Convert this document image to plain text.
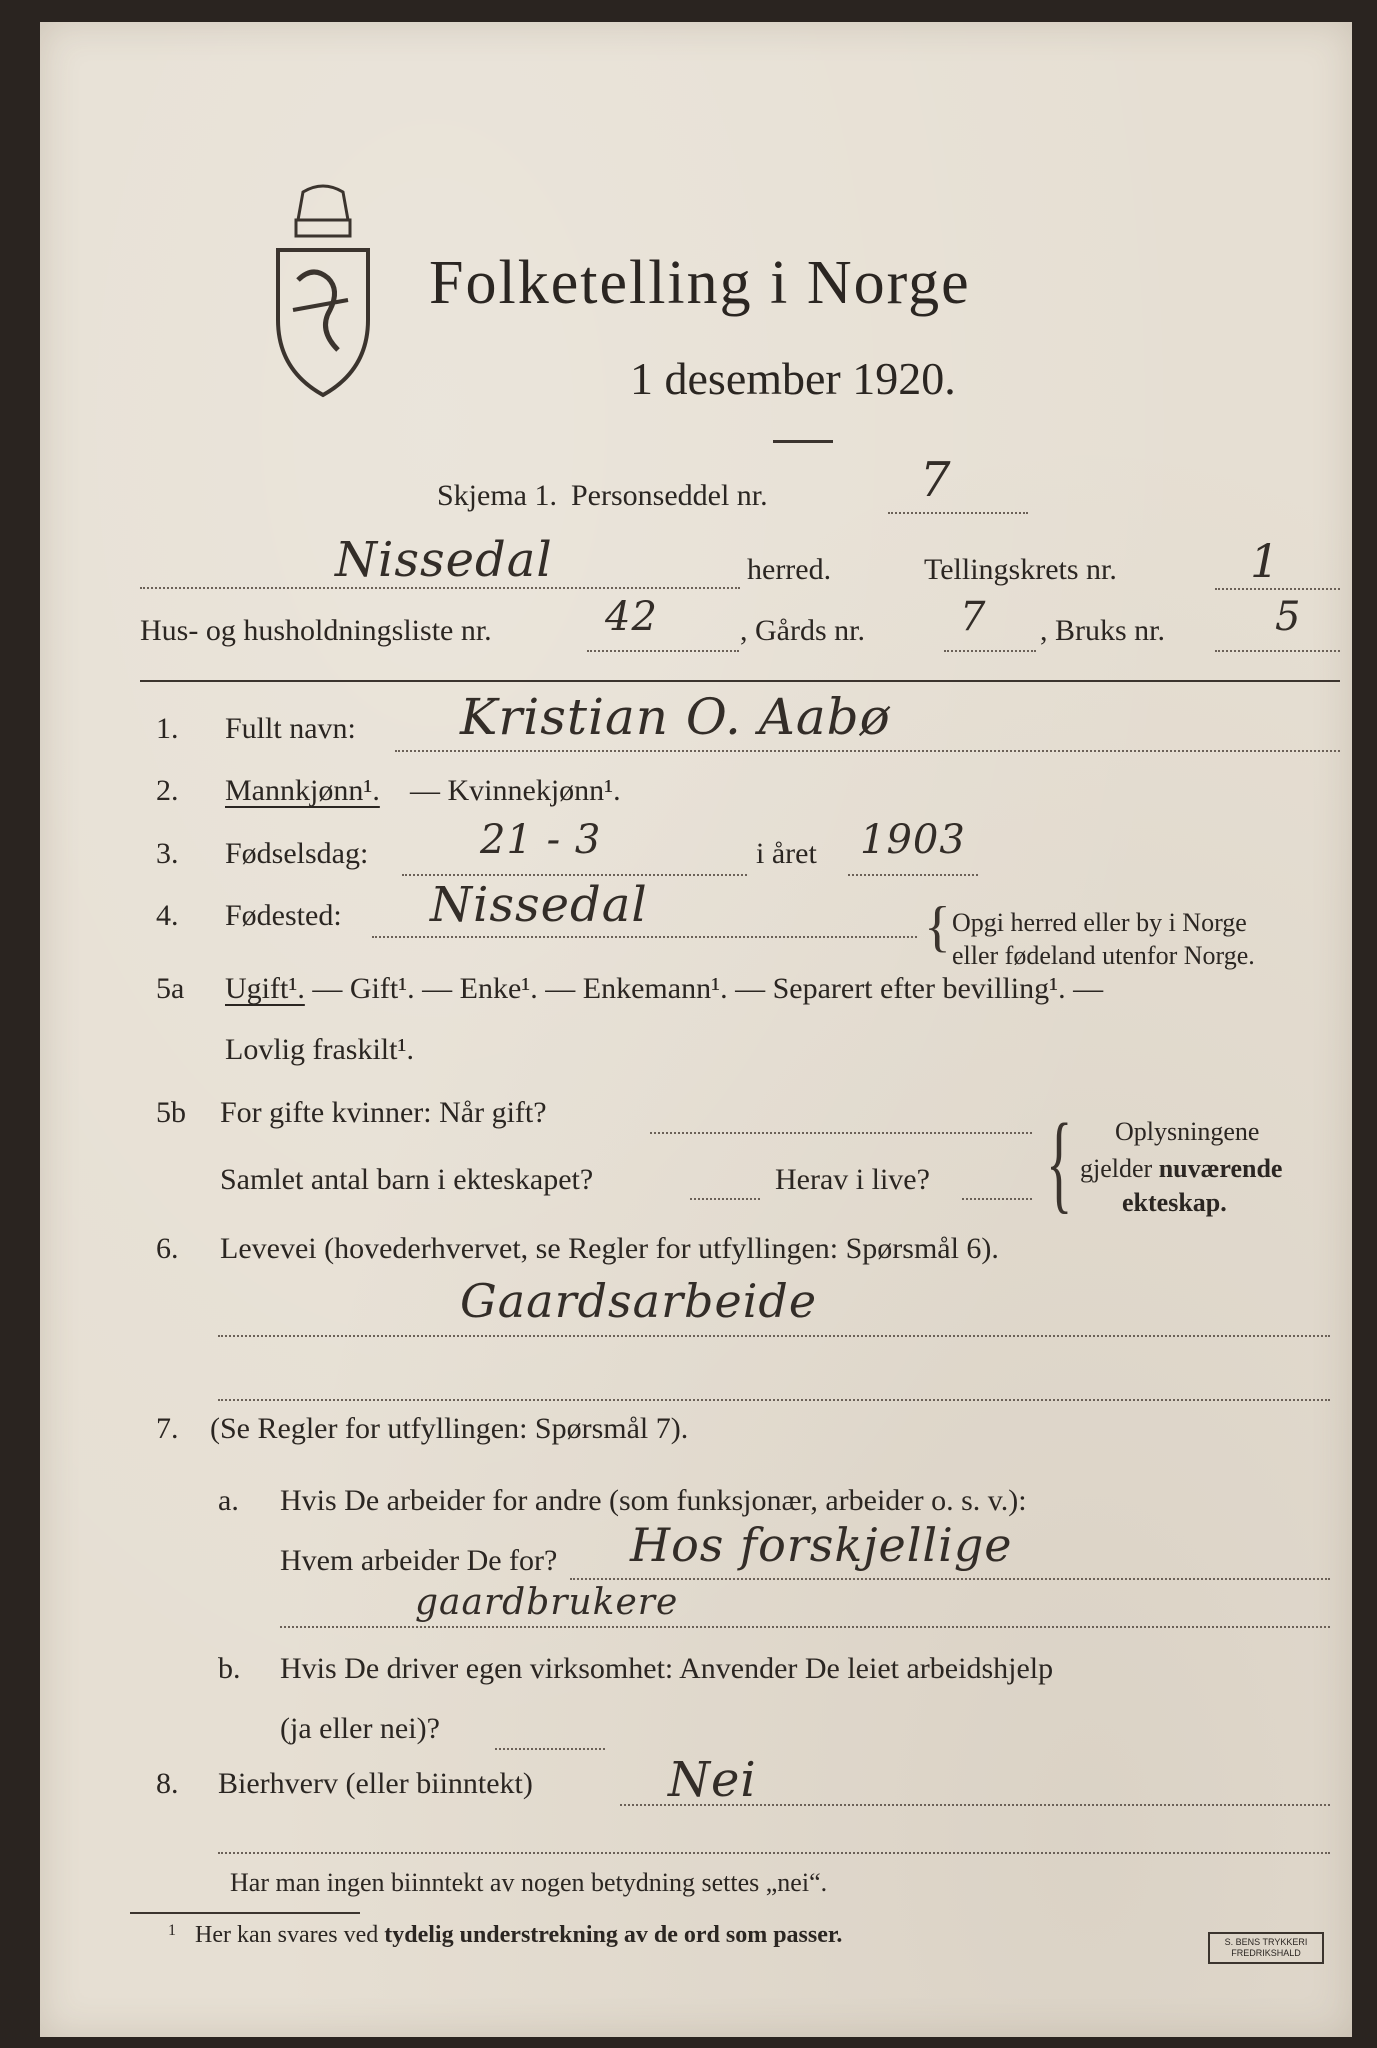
Folketelling i Norge
1 desember 1920.
Skjema 1. Personseddel nr.	7
Nissedal	herred.	Tellingskrets nr.	1
Hus- og husholdningsliste nr.	42	, Gårds nr. 7 , Bruks nr.	5
1. Fullt navn: Kristian O. Aabø
2. Mannkjønn¹. — Kvinnekjønn¹.
3. Fødselsdag:	21 - 3	i året 1903
4. Fødested: Nissedal	{ Opgi herred eller by i Norge
eller fødeland utenfor Norge.
5a Ugift¹. — Gift¹. — Enke¹. — Enkemann¹. — Separert efter bevilling¹. —
Lovlig fraskilt¹.
5b For gifte kvinner: Når gift?
Samlet antal barn i ekteskapet?	Herav i live? { Oplysningene
gjelder nuværende
ekteskap.
6. Levevei (hovederhvervet, se Regler for utfyllingen: Spørsmål 6).
Gaardsarbeide
7. (Se Regler for utfyllingen: Spørsmål 7).
a. Hvis De arbeider for andre (som funksjonær, arbeider o. s. v.):
Hvem arbeider De for? Hos forskjellige
gaardbrukere
b. Hvis De driver egen virksomhet: Anvender De leiet arbeidshjelp
(ja eller nei)?
8. Bierhverv (eller biinntekt)	Nei
Har man ingen biinntekt av nogen betydning settes „nei“.
1 Her kan svares ved tydelig understrekning av de ord som passer.	S. BENS TRYKKERI
FREDRIKSHALD
